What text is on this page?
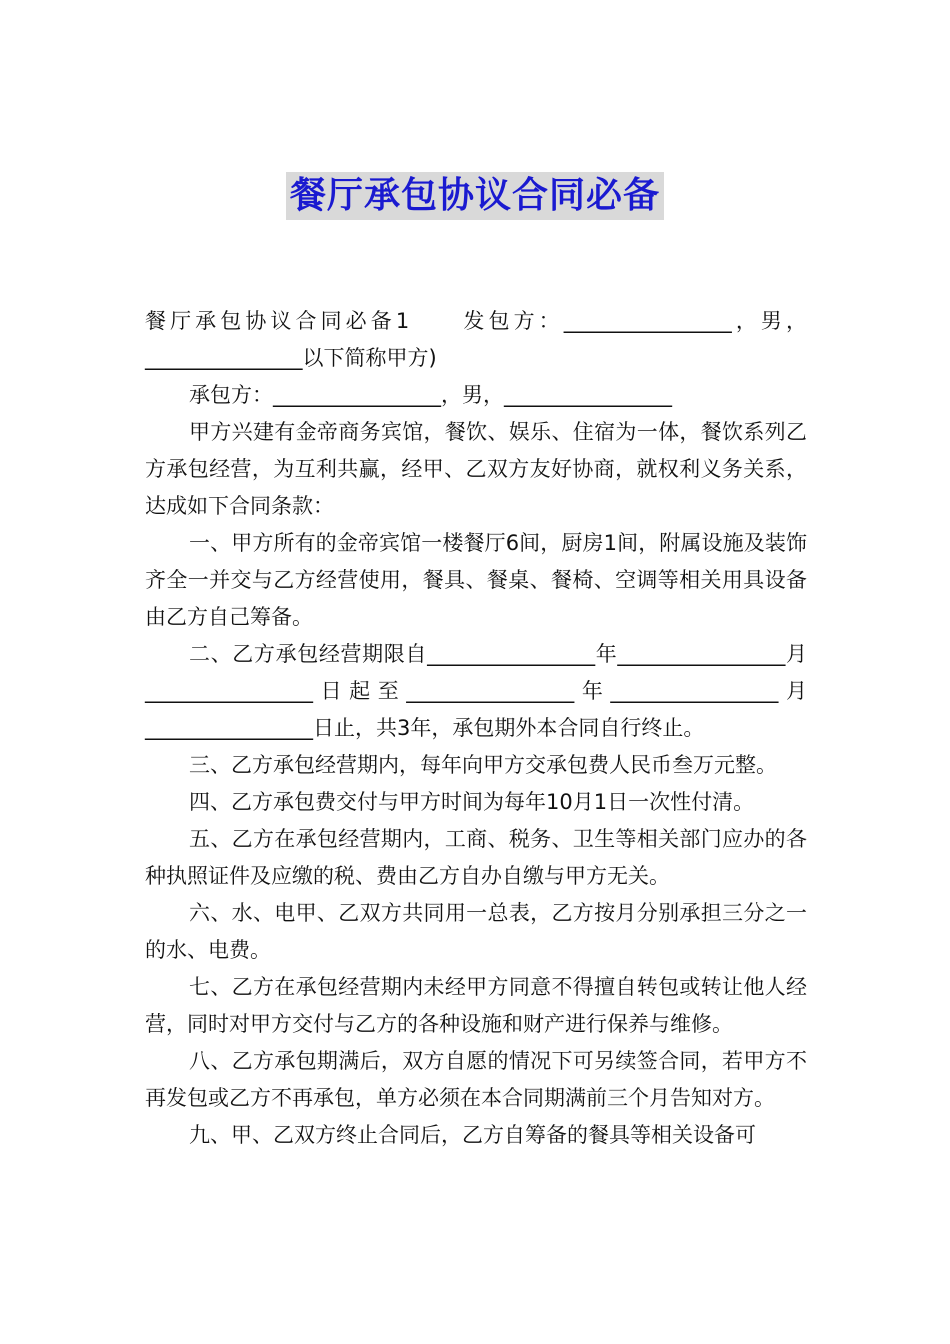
餐厅承包协议合同必备

餐厅承包协议合同必备1　　发包方：________________，男，_______________以下简称甲方)

承包方：________________，男，________________

甲方兴建有金帝商务宾馆，餐饮、娱乐、住宿为一体，餐饮系列乙方承包经营，为互利共赢，经甲、乙双方友好协商，就权利义务关系，达成如下合同条款：

一、甲方所有的金帝宾馆一楼餐厅6间，厨房1间，附属设施及装饰齐全一并交与乙方经营使用，餐具、餐桌、餐椅、空调等相关用具设备由乙方自己筹备。

二、乙方承包经营期限自________________年________________月________________日起至________________年________________月________________日止，共3年，承包期外本合同自行终止。

三、乙方承包经营期内，每年向甲方交承包费人民币叁万元整。

四、乙方承包费交付与甲方时间为每年10月1日一次性付清。

五、乙方在承包经营期内，工商、税务、卫生等相关部门应办的各种执照证件及应缴的税、费由乙方自办自缴与甲方无关。

六、水、电甲、乙双方共同用一总表，乙方按月分别承担三分之一的水、电费。

七、乙方在承包经营期内未经甲方同意不得擅自转包或转让他人经营，同时对甲方交付与乙方的各种设施和财产进行保养与维修。

八、乙方承包期满后，双方自愿的情况下可另续签合同，若甲方不再发包或乙方不再承包，单方必须在本合同期满前三个月告知对方。

九、甲、乙双方终止合同后，乙方自筹备的餐具等相关设备可
